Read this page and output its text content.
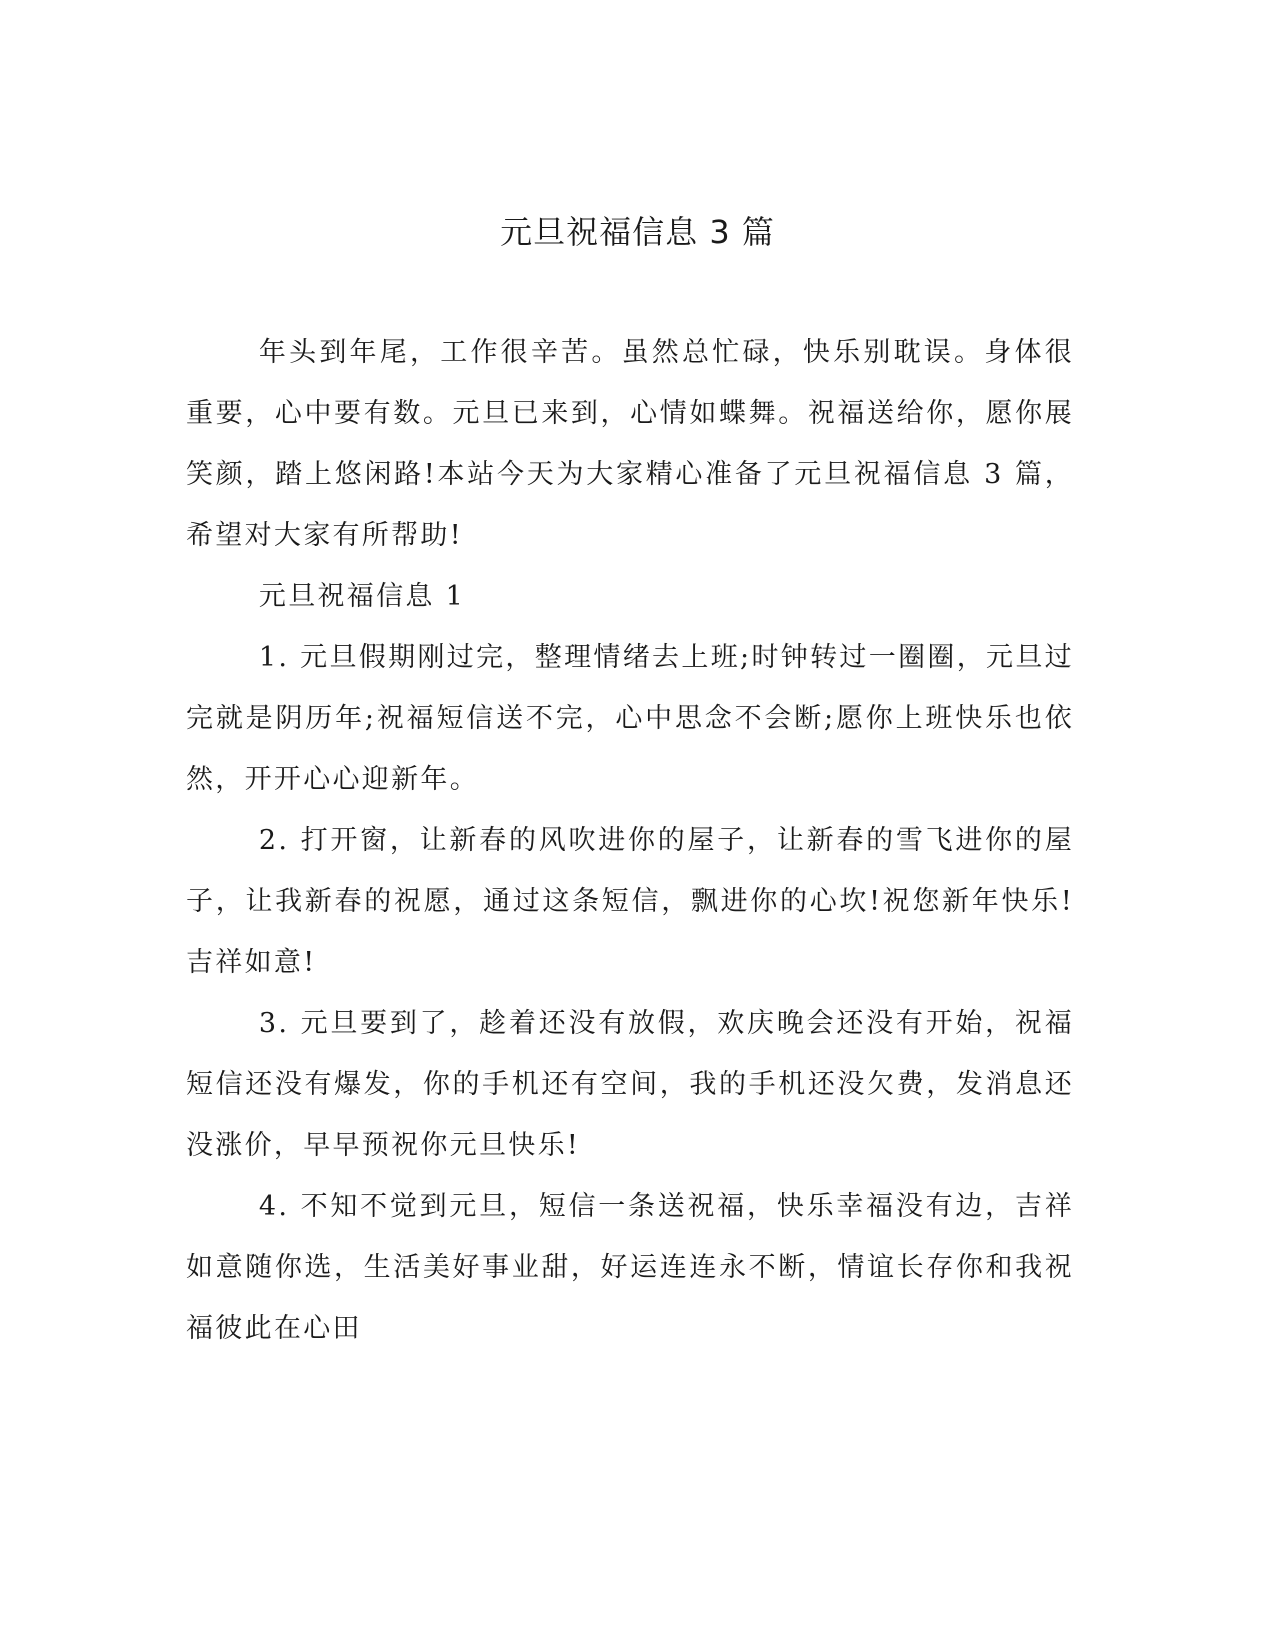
元旦祝福信息 3 篇

年头到年尾，工作很辛苦。虽然总忙碌，快乐别耽误。身体很重要，心中要有数。元旦已来到，心情如蝶舞。祝福送给你，愿你展笑颜，踏上悠闲路!本站今天为大家精心准备了元旦祝福信息 3 篇，希望对大家有所帮助!

元旦祝福信息 1

1. 元旦假期刚过完，整理情绪去上班;时钟转过一圈圈，元旦过完就是阴历年;祝福短信送不完，心中思念不会断;愿你上班快乐也依然，开开心心迎新年。

2. 打开窗，让新春的风吹进你的屋子，让新春的雪飞进你的屋子，让我新春的祝愿，通过这条短信，飘进你的心坎!祝您新年快乐!吉祥如意!

3. 元旦要到了，趁着还没有放假，欢庆晚会还没有开始，祝福短信还没有爆发，你的手机还有空间，我的手机还没欠费，发消息还没涨价，早早预祝你元旦快乐!

4. 不知不觉到元旦，短信一条送祝福，快乐幸福没有边，吉祥如意随你选，生活美好事业甜，好运连连永不断，情谊长存你和我祝福彼此在心田
